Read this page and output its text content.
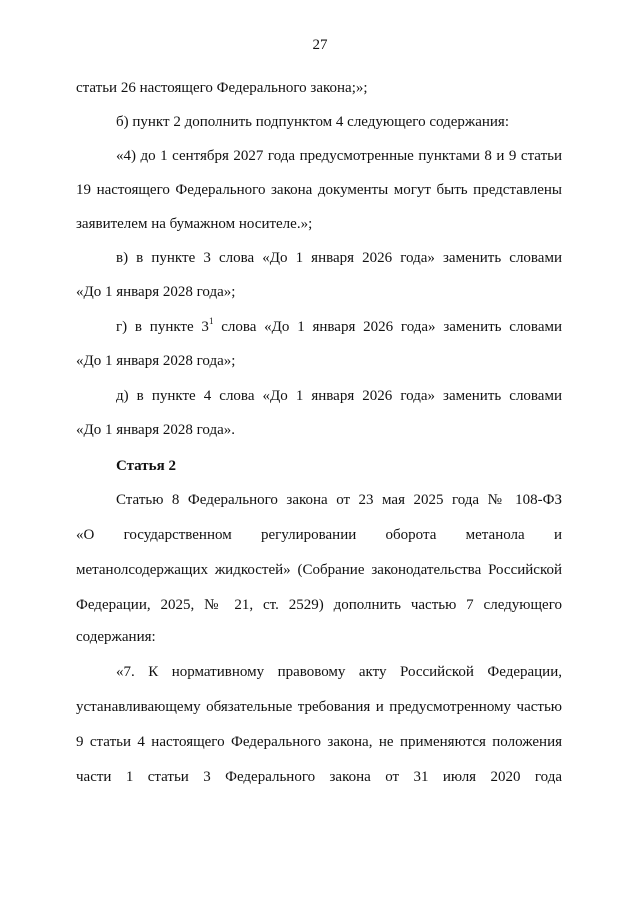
27
статьи 26 настоящего Федерального закона;»;
б) пункт 2 дополнить подпунктом 4 следующего содержания:
«4) до 1 сентября 2027 года предусмотренные пунктами 8 и 9 статьи
19 настоящего Федерального закона документы могут быть представлены
заявителем на бумажном носителе.»;
в) в пункте 3 слова «До 1 января 2026 года» заменить словами
«До 1 января 2028 года»;
г) в пункте $3^1$ слова «До 1 января 2026 года» заменить словами
«До 1 января 2028 года»;
д) в пункте 4 слова «До 1 января 2026 года» заменить словами
«До 1 января 2028 года».
Статья 2
Статью 8 Федерального закона от 23 мая 2025 года № 108-ФЗ
«О государственном регулировании оборота метанола и
метанолсодержащих жидкостей» (Собрание законодательства Российской
Федерации, 2025, № 21, ст. 2529) дополнить частью 7 следующего
содержания:
«7. К нормативному правовому акту Российской Федерации,
устанавливающему обязательные требования и предусмотренному частью
9 статьи 4 настоящего Федерального закона, не применяются положения
части 1 статьи 3 Федерального закона от 31 июля 2020 года
